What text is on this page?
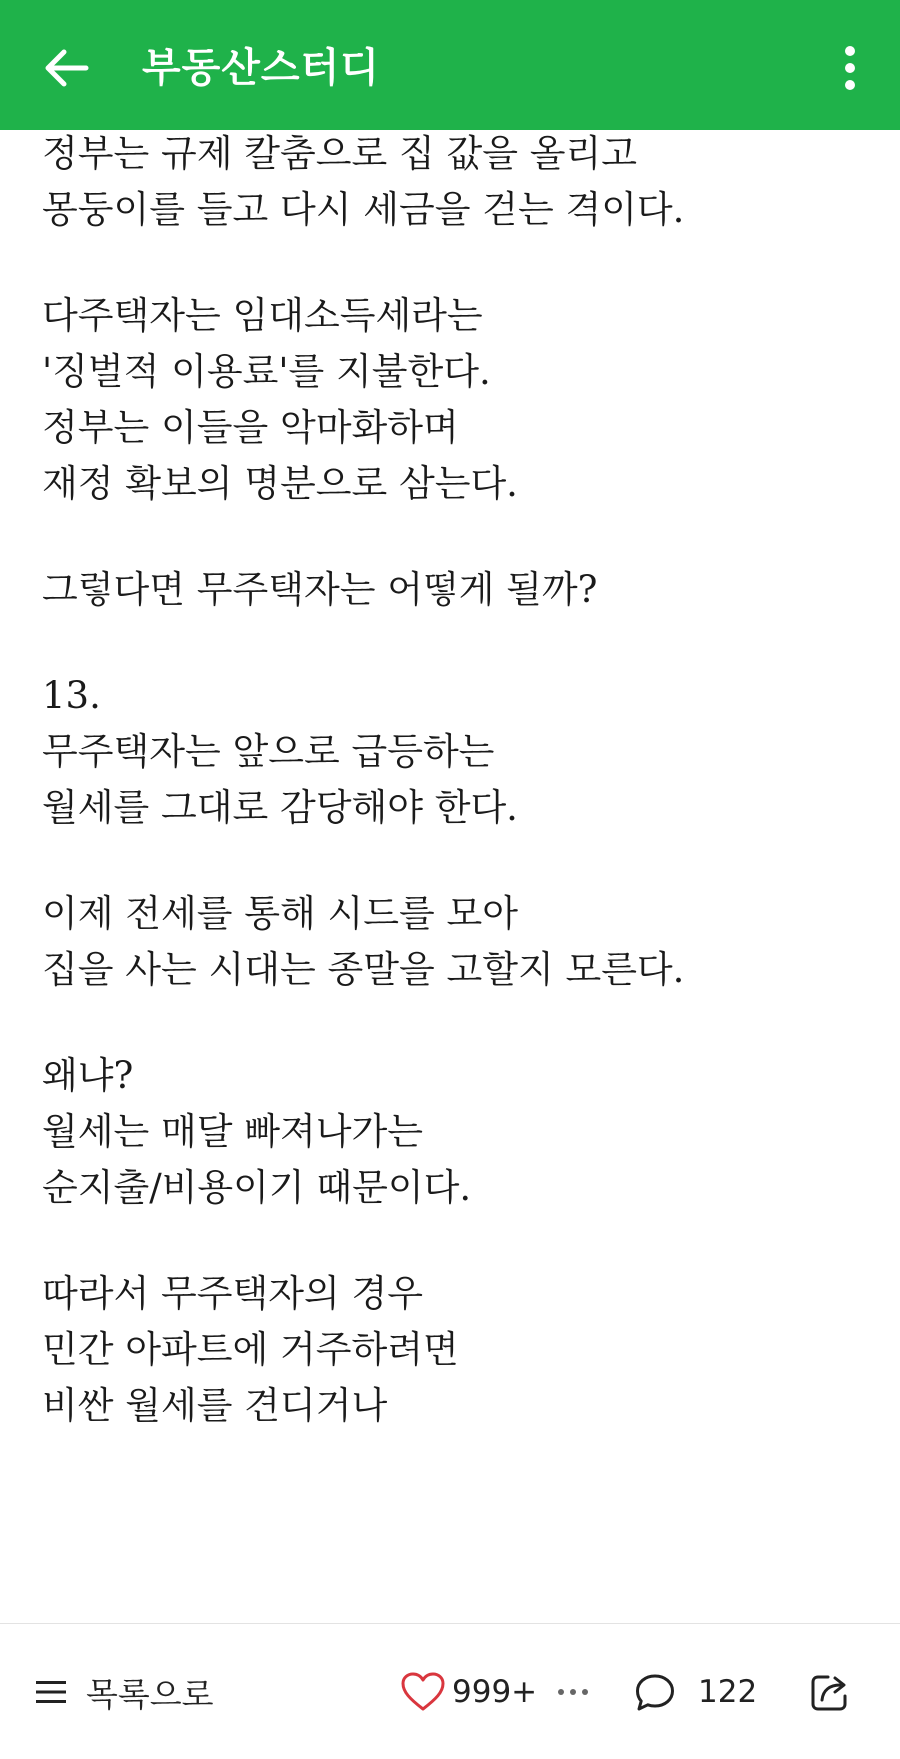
부동산스터디
정부는 규제 칼춤으로 집 값을 올리고
몽둥이를 들고 다시 세금을 걷는 격이다.
다주택자는 임대소득세라는
'징벌적 이용료'를 지불한다.
정부는 이들을 악마화하며
재정 확보의 명분으로 삼는다.
그렇다면 무주택자는 어떻게 될까?
13.
무주택자는 앞으로 급등하는
월세를 그대로 감당해야 한다.
이제 전세를 통해 시드를 모아
집을 사는 시대는 종말을 고할지 모른다.
왜냐?
월세는 매달 빠져나가는
순지출/비용이기 때문이다.
따라서 무주택자의 경우
민간 아파트에 거주하려면
비싼 월세를 견디거나
목록으로	999+	122
